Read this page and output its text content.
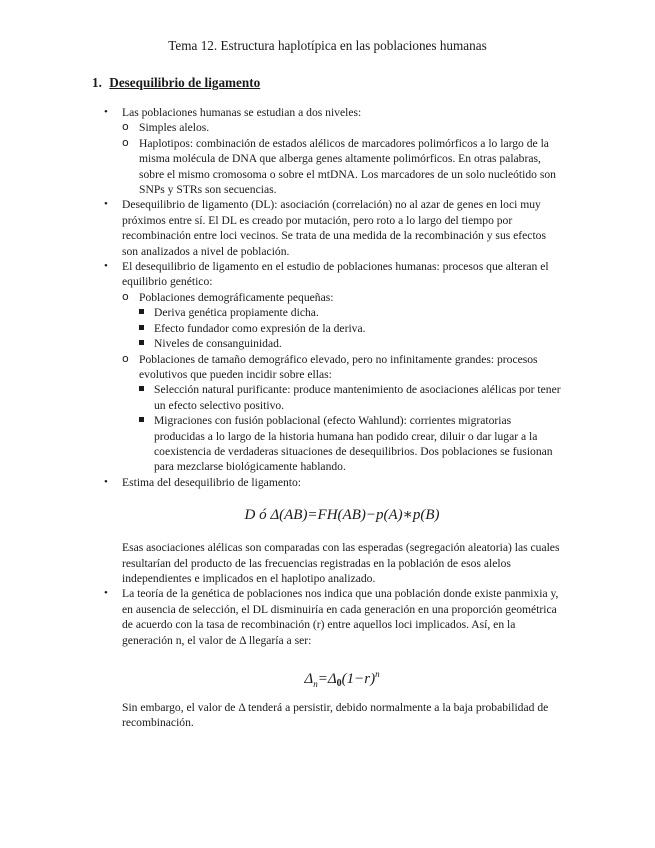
Tema 12. Estructura haplotípica en las poblaciones humanas
1. Desequilibrio de ligamento
• Las poblaciones humanas se estudian a dos niveles:
o Simples alelos.
o Haplotipos: combinación de estados alélicos de marcadores polimórficos a lo largo de la misma molécula de DNA que alberga genes altamente polimórficos. En otras palabras, sobre el mismo cromosoma o sobre el mtDNA. Los marcadores de un solo nucleótido son SNPs y STRs son secuencias.
• Desequilibrio de ligamento (DL): asociación (correlación) no al azar de genes en loci muy próximos entre sí. El DL es creado por mutación, pero roto a lo largo del tiempo por recombinación entre loci vecinos. Se trata de una medida de la recombinación y sus efectos son analizados a nivel de población.
• El desequilibrio de ligamento en el estudio de poblaciones humanas: procesos que alteran el equilibrio genético:
o Poblaciones demográficamente pequeñas:
Deriva genética propiamente dicha.
Efecto fundador como expresión de la deriva.
Niveles de consanguinidad.
o Poblaciones de tamaño demográfico elevado, pero no infinitamente grandes: procesos evolutivos que pueden incidir sobre ellas:
Selección natural purificante: produce mantenimiento de asociaciones alélicas por tener un efecto selectivo positivo.
Migraciones con fusión poblacional (efecto Wahlund): corrientes migratorias producidas a lo largo de la historia humana han podido crear, diluir o dar lugar a la coexistencia de verdaderas situaciones de desequilibrios. Dos poblaciones se fusionan para mezclarse biológicamente hablando.
• Estima del desequilibrio de ligamento:
D ó Δ(AB)=FH(AB)−p(A)∗p(B)
Esas asociaciones alélicas son comparadas con las esperadas (segregación aleatoria) las cuales resultarían del producto de las frecuencias registradas en la población de esos alelos independientes e implicados en el haplotipo analizado.
• La teoría de la genética de poblaciones nos indica que una población donde existe panmixia y, en ausencia de selección, el DL disminuiría en cada generación en una proporción geométrica de acuerdo con la tasa de recombinación (r) entre aquellos loci implicados. Así, en la generación n, el valor de Δ llegaría a ser:
$\Delta_n=\Delta_0(1-r)^n$
Sin embargo, el valor de Δ tenderá a persistir, debido normalmente a la baja probabilidad de recombinación.
